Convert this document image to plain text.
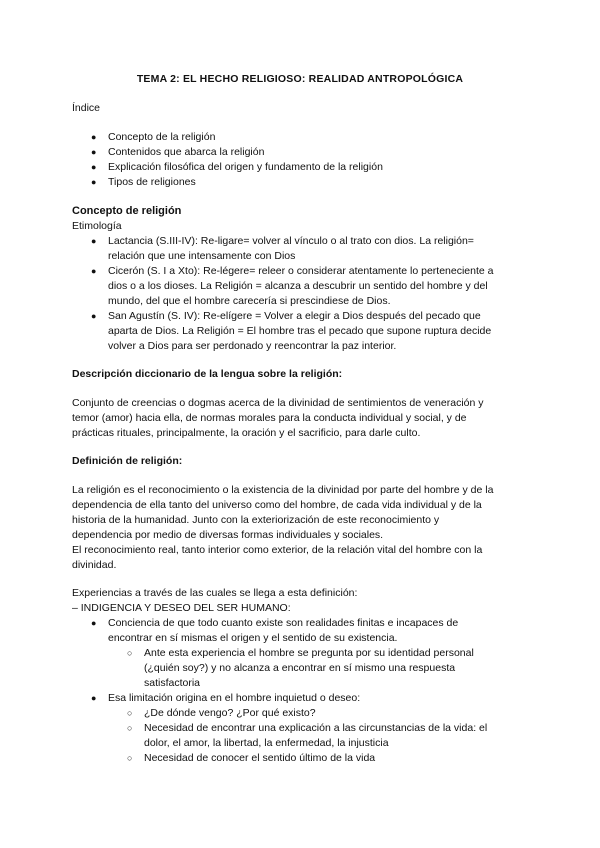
TEMA 2: EL HECHO RELIGIOSO: REALIDAD ANTROPOLÓGICA
Índice
● Concepto de la religión
● Contenidos que abarca la religión
● Explicación filosófica del origen y fundamento de la religión
● Tipos de religiones
Concepto de religión
Etimología
● Lactancia (S.III-IV): Re-ligare= volver al vínculo o al trato con dios. La religión=
relación que une intensamente con Dios
● Cicerón (S. I a Xto): Re-légere= releer o considerar atentamente lo perteneciente a
dios o a los dioses. La Religión = alcanza a descubrir un sentido del hombre y del
mundo, del que el hombre carecería si prescindiese de Dios.
● San Agustín (S. IV): Re-elígere = Volver a elegir a Dios después del pecado que
aparta de Dios. La Religión = El hombre tras el pecado que supone ruptura decide
volver a Dios para ser perdonado y reencontrar la paz interior.
Descripción diccionario de la lengua sobre la religión:
Conjunto de creencias o dogmas acerca de la divinidad de sentimientos de veneración y
temor (amor) hacia ella, de normas morales para la conducta individual y social, y de
prácticas rituales, principalmente, la oración y el sacrificio, para darle culto.
Definición de religión:
La religión es el reconocimiento o la existencia de la divinidad por parte del hombre y de la
dependencia de ella tanto del universo como del hombre, de cada vida individual y de la
historia de la humanidad. Junto con la exteriorización de este reconocimiento y
dependencia por medio de diversas formas individuales y sociales.
El reconocimiento real, tanto interior como exterior, de la relación vital del hombre con la
divinidad.
Experiencias a través de las cuales se llega a esta definición:
– INDIGENCIA Y DESEO DEL SER HUMANO:
● Conciencia de que todo cuanto existe son realidades finitas e incapaces de
encontrar en sí mismas el origen y el sentido de su existencia.
○ Ante esta experiencia el hombre se pregunta por su identidad personal
(¿quién soy?) y no alcanza a encontrar en sí mismo una respuesta
satisfactoria
● Esa limitación origina en el hombre inquietud o deseo:
○ ¿De dónde vengo? ¿Por qué existo?
○ Necesidad de encontrar una explicación a las circunstancias de la vida: el
dolor, el amor, la libertad, la enfermedad, la injusticia
○ Necesidad de conocer el sentido último de la vida
